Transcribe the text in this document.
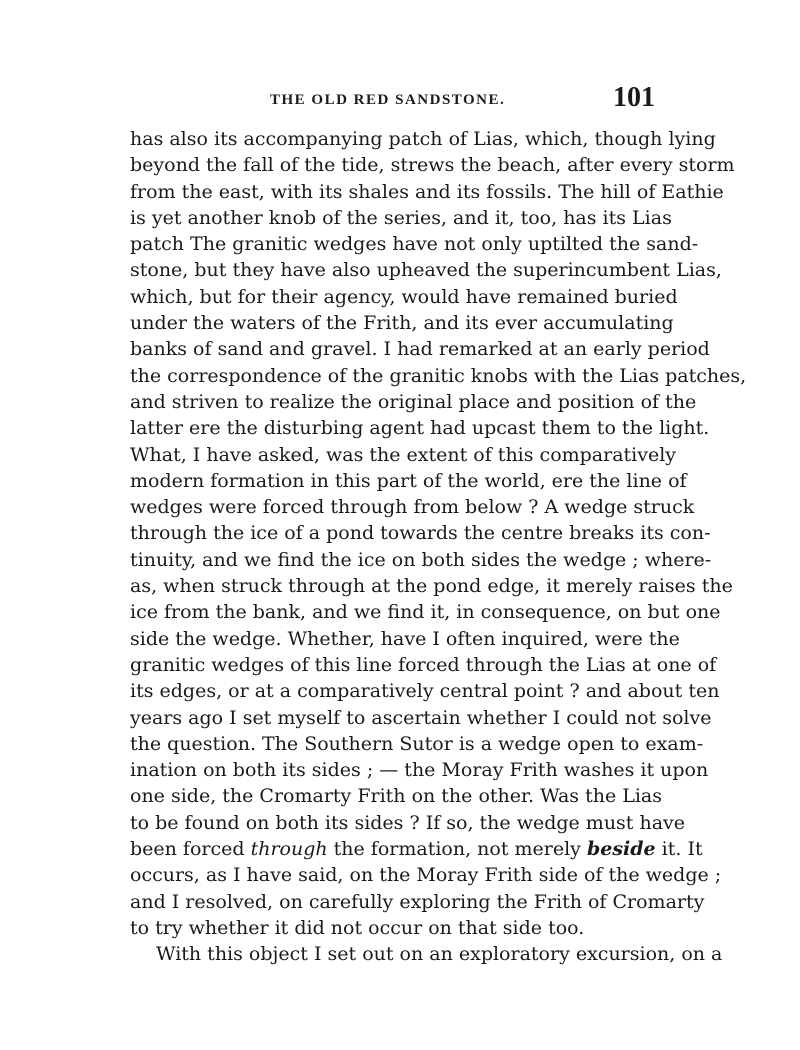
THE OLD RED SANDSTONE.	101
has also its accompanying patch of Lias, which, though lying
beyond the fall of the tide, strews the beach, after every storm
from the east, with its shales and its fossils. The hill of Eathie
is yet another knob of the series, and it, too, has its Lias
patch The granitic wedges have not only uptilted the sand-
stone, but they have also upheaved the superincumbent Lias,
which, but for their agency, would have remained buried
under the waters of the Frith, and its ever accumulating
banks of sand and gravel. I had remarked at an early period
the correspondence of the granitic knobs with the Lias patches,
and striven to realize the original place and position of the
latter ere the disturbing agent had upcast them to the light.
What, I have asked, was the extent of this comparatively
modern formation in this part of the world, ere the line of
wedges were forced through from below ? A wedge struck
through the ice of a pond towards the centre breaks its con-
tinuity, and we find the ice on both sides the wedge ; where-
as, when struck through at the pond edge, it merely raises the
ice from the bank, and we find it, in consequence, on but one
side the wedge. Whether, have I often inquired, were the
granitic wedges of this line forced through the Lias at one of
its edges, or at a comparatively central point ? and about ten
years ago I set myself to ascertain whether I could not solve
the question. The Southern Sutor is a wedge open to exam-
ination on both its sides ; — the Moray Frith washes it upon
one side, the Cromarty Frith on the other. Was the Lias
to be found on both its sides ? If so, the wedge must have
been forced through the formation, not merely beside it. It
occurs, as I have said, on the Moray Frith side of the wedge ;
and I resolved, on carefully exploring the Frith of Cromarty
to try whether it did not occur on that side too.
With this object I set out on an exploratory excursion, on a
